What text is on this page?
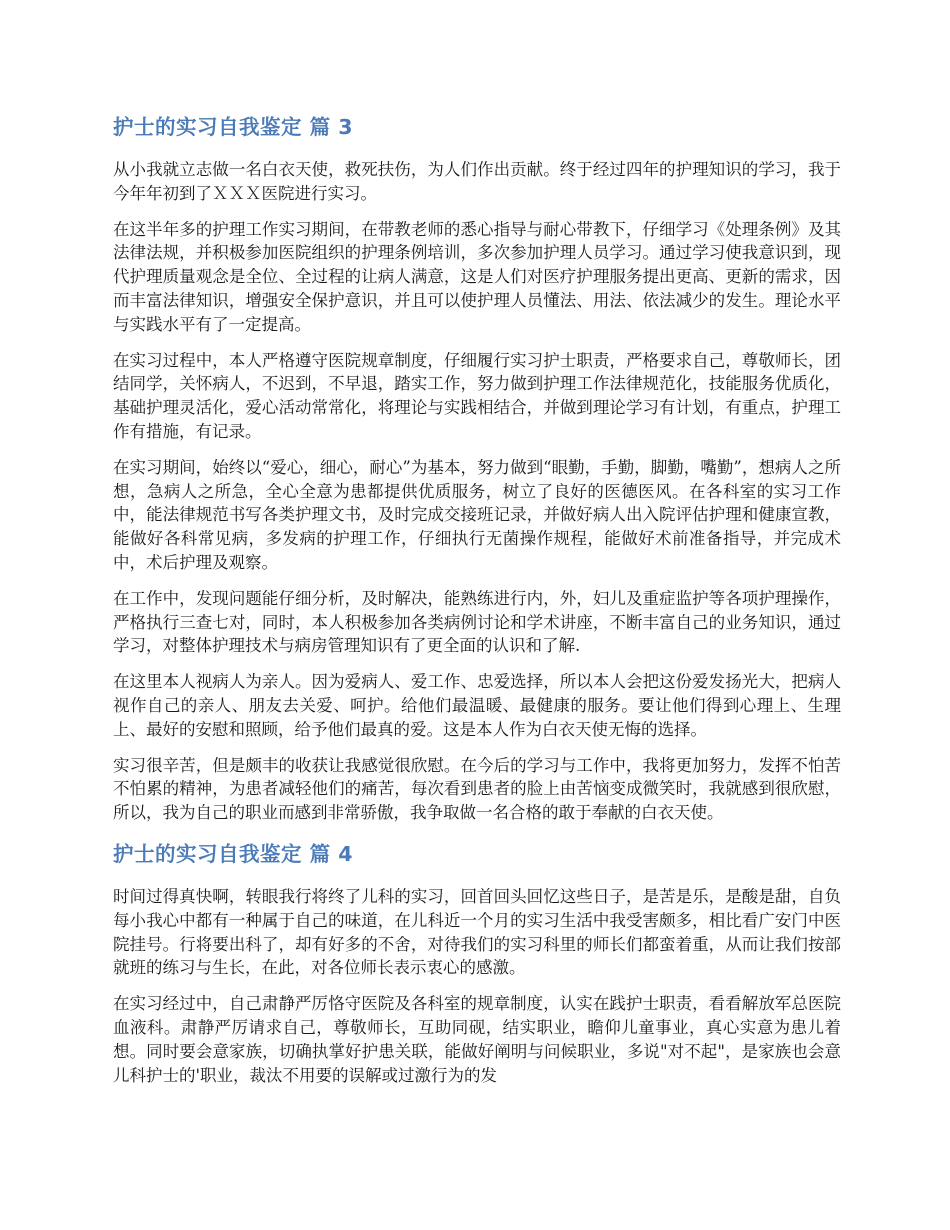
护士的实习自我鉴定 篇 3

从小我就立志做一名白衣天使，救死扶伤，为人们作出贡献。终于经过四年的护理知识的学习，我于今年年初到了ＸＸＸ医院进行实习。

在这半年多的护理工作实习期间，在带教老师的悉心指导与耐心带教下，仔细学习《处理条例》及其法律法规，并积极参加医院组织的护理条例培训，多次参加护理人员学习。通过学习使我意识到，现代护理质量观念是全位、全过程的让病人满意，这是人们对医疗护理服务提出更高、更新的需求，因而丰富法律知识，增强安全保护意识，并且可以使护理人员懂法、用法、依法减少的发生。理论水平与实践水平有了一定提高。

在实习过程中，本人严格遵守医院规章制度，仔细履行实习护士职责，严格要求自己，尊敬师长，团结同学，关怀病人，不迟到，不早退，踏实工作，努力做到护理工作法律规范化，技能服务优质化，基础护理灵活化，爱心活动常常化，将理论与实践相结合，并做到理论学习有计划，有重点，护理工作有措施，有记录。

在实习期间，始终以“爱心，细心，耐心”为基本，努力做到“眼勤，手勤，脚勤，嘴勤”，想病人之所想，急病人之所急，全心全意为患都提供优质服务，树立了良好的医德医风。在各科室的实习工作中，能法律规范书写各类护理文书，及时完成交接班记录，并做好病人出入院评估护理和健康宣教，能做好各科常见病，多发病的护理工作，仔细执行无菌操作规程，能做好术前准备指导，并完成术中，术后护理及观察。

在工作中，发现问题能仔细分析，及时解决，能熟练进行内，外，妇儿及重症监护等各项护理操作，严格执行三查七对，同时，本人积极参加各类病例讨论和学术讲座，不断丰富自己的业务知识，通过学习，对整体护理技术与病房管理知识有了更全面的认识和了解.

在这里本人视病人为亲人。因为爱病人、爱工作、忠爱选择，所以本人会把这份爱发扬光大，把病人视作自己的亲人、朋友去关爱、呵护。给他们最温暖、最健康的服务。要让他们得到心理上、生理上、最好的安慰和照顾，给予他们最真的爱。这是本人作为白衣天使无悔的选择。

实习很辛苦，但是颇丰的收获让我感觉很欣慰。在今后的学习与工作中，我将更加努力，发挥不怕苦不怕累的精神，为患者减轻他们的痛苦，每次看到患者的脸上由苦恼变成微笑时，我就感到很欣慰，所以，我为自己的职业而感到非常骄傲，我争取做一名合格的敢于奉献的白衣天使。

护士的实习自我鉴定 篇 4

时间过得真快啊，转眼我行将终了儿科的实习，回首回头回忆这些日子，是苦是乐，是酸是甜，自负每小我心中都有一种属于自己的味道，在儿科近一个月的实习生活中我受害颇多，相比看广安门中医院挂号。行将要出科了，却有好多的不舍，对待我们的实习科里的师长们都蛮着重，从而让我们按部就班的练习与生长，在此，对各位师长表示衷心的感激。

在实习经过中，自己肃静严厉恪守医院及各科室的规章制度，认实在践护士职责，看看解放军总医院血液科。肃静严厉请求自己，尊敬师长，互助同砚，结实职业，瞻仰儿童事业，真心实意为患儿着想。同时要会意家族，切确执掌好护患关联，能做好阐明与问候职业，多说"对不起"，是家族也会意儿科护士的'职业，裁汰不用要的误解或过激行为的发
